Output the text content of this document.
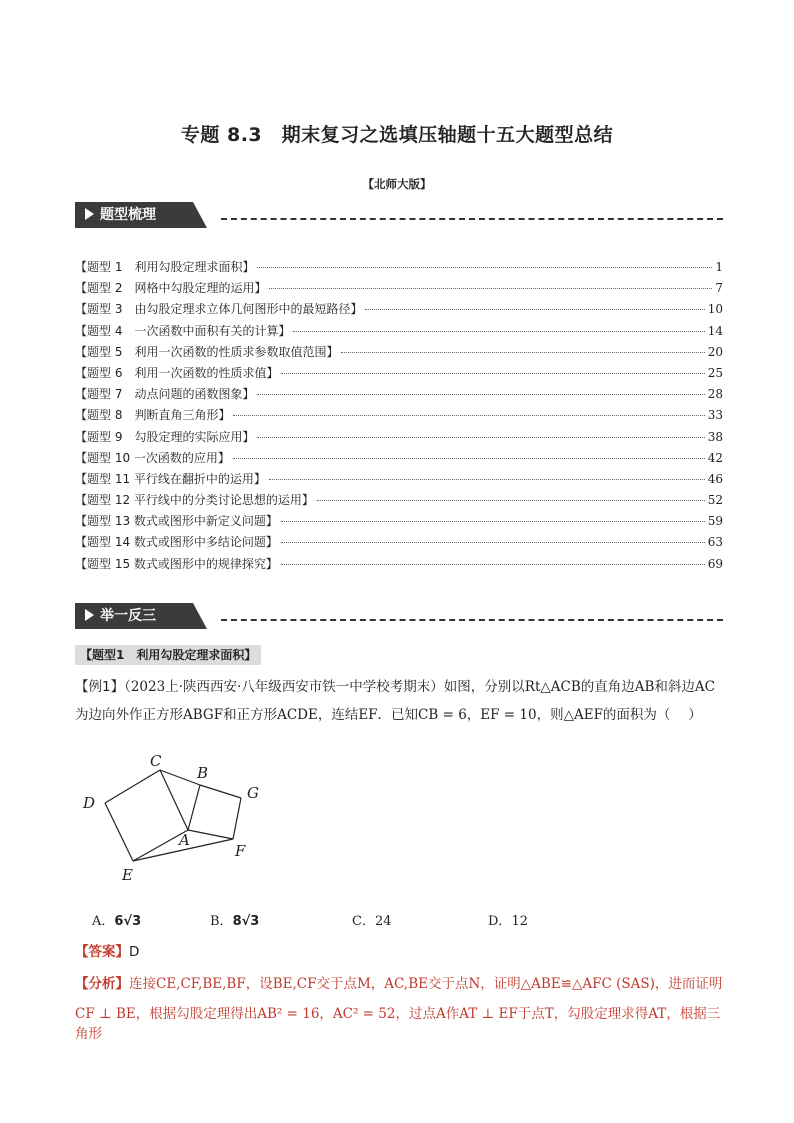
专题 8.3　期末复习之选填压轴题十五大题型总结
【北师大版】
题型梳理
【题型 1　利用勾股定理求面积】	1
【题型 2　网格中勾股定理的运用】	7
【题型 3　由勾股定理求立体几何图形中的最短路径】	10
【题型 4　一次函数中面积有关的计算】	14
【题型 5　利用一次函数的性质求参数取值范围】	20
【题型 6　利用一次函数的性质求值】	25
【题型 7　动点问题的函数图象】	28
【题型 8　判断直角三角形】	33
【题型 9　勾股定理的实际应用】	38
【题型 10 一次函数的应用】	42
【题型 11 平行线在翻折中的运用】	46
【题型 12 平行线中的分类讨论思想的运用】	52
【题型 13 数式或图形中新定义问题】	59
【题型 14 数式或图形中多结论问题】	63
【题型 15 数式或图形中的规律探究】	69
举一反三
【题型1　利用勾股定理求面积】
【例1】（2023上·陕西西安·八年级西安市铁一中学校考期末）如图，分别以Rt△ACB的直角边AB和斜边AC
为边向外作正方形ABGF和正方形ACDE，连结EF．已知CB = 6，EF = 10，则△AEF的面积为（　 ）
C
B
G
D
A
F
E
A．6√3	B．8√3	C．24	D．12
【答案】D
【分析】连接CE,CF,BE,BF，设BE,CF交于点M，AC,BE交于点N，证明△ABE≌△AFC (SAS)，进而证明
CF ⊥ BE，根据勾股定理得出AB² = 16，AC² = 52，过点A作AT ⊥ EF于点T，勾股定理求得AT，根据三角形
